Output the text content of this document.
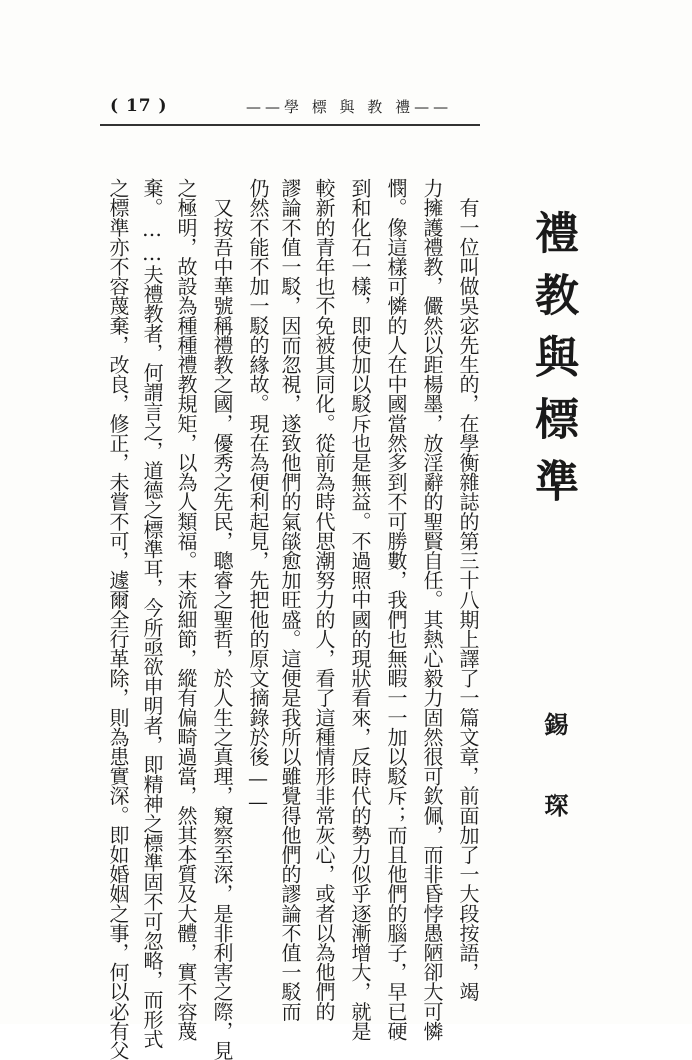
( 17 )	——學 標 與 教 禮——
禮教與標準
錫 琛
　有一位叫做吳宓先生的，在學衡雜誌的第三十八期上譯了一篇文章，前面加了一大段按語，竭
力擁護禮教，儼然以距楊墨，放淫辭的聖賢自任。其熱心毅力固然很可欽佩，而非昏悖愚陋卻大可憐
憫。像這樣可憐的人在中國當然多到不可勝數，我們也無暇一一加以駁斥；而且他們的腦子，早已硬
到和化石一樣，即使加以駁斥也是無益。不過照中國的現狀看來，反時代的勢力似乎逐漸增大，就是
較新的青年也不免被其同化。從前為時代思潮努力的人，看了這種情形非常灰心，或者以為他們的
謬論不值一駁，因而忽視，遂致他們的氣燄愈加旺盛。這便是我所以雖覺得他們的謬論不值一駁而
仍然不能不加一駁的緣故。現在為便利起見，先把他的原文摘錄於後——
　又按吾中華號稱禮教之國，優秀之先民，聰睿之聖哲，於人生之真理，窺察至深，是非利害之際，見
之極明，故設為種種禮教規矩，以為人類福。末流細節，縱有偏畸過當，然其本質及大體，實不容蔑
棄。……夫禮教者，何謂言之，道德之標準耳，今所亟欲申明者，即精神之標準固不可忽略，而形式
之標準亦不容蔑棄，改良，修正，未嘗不可，遽爾全行革除，則為患實深。即如婚姻之事，何以必有父
